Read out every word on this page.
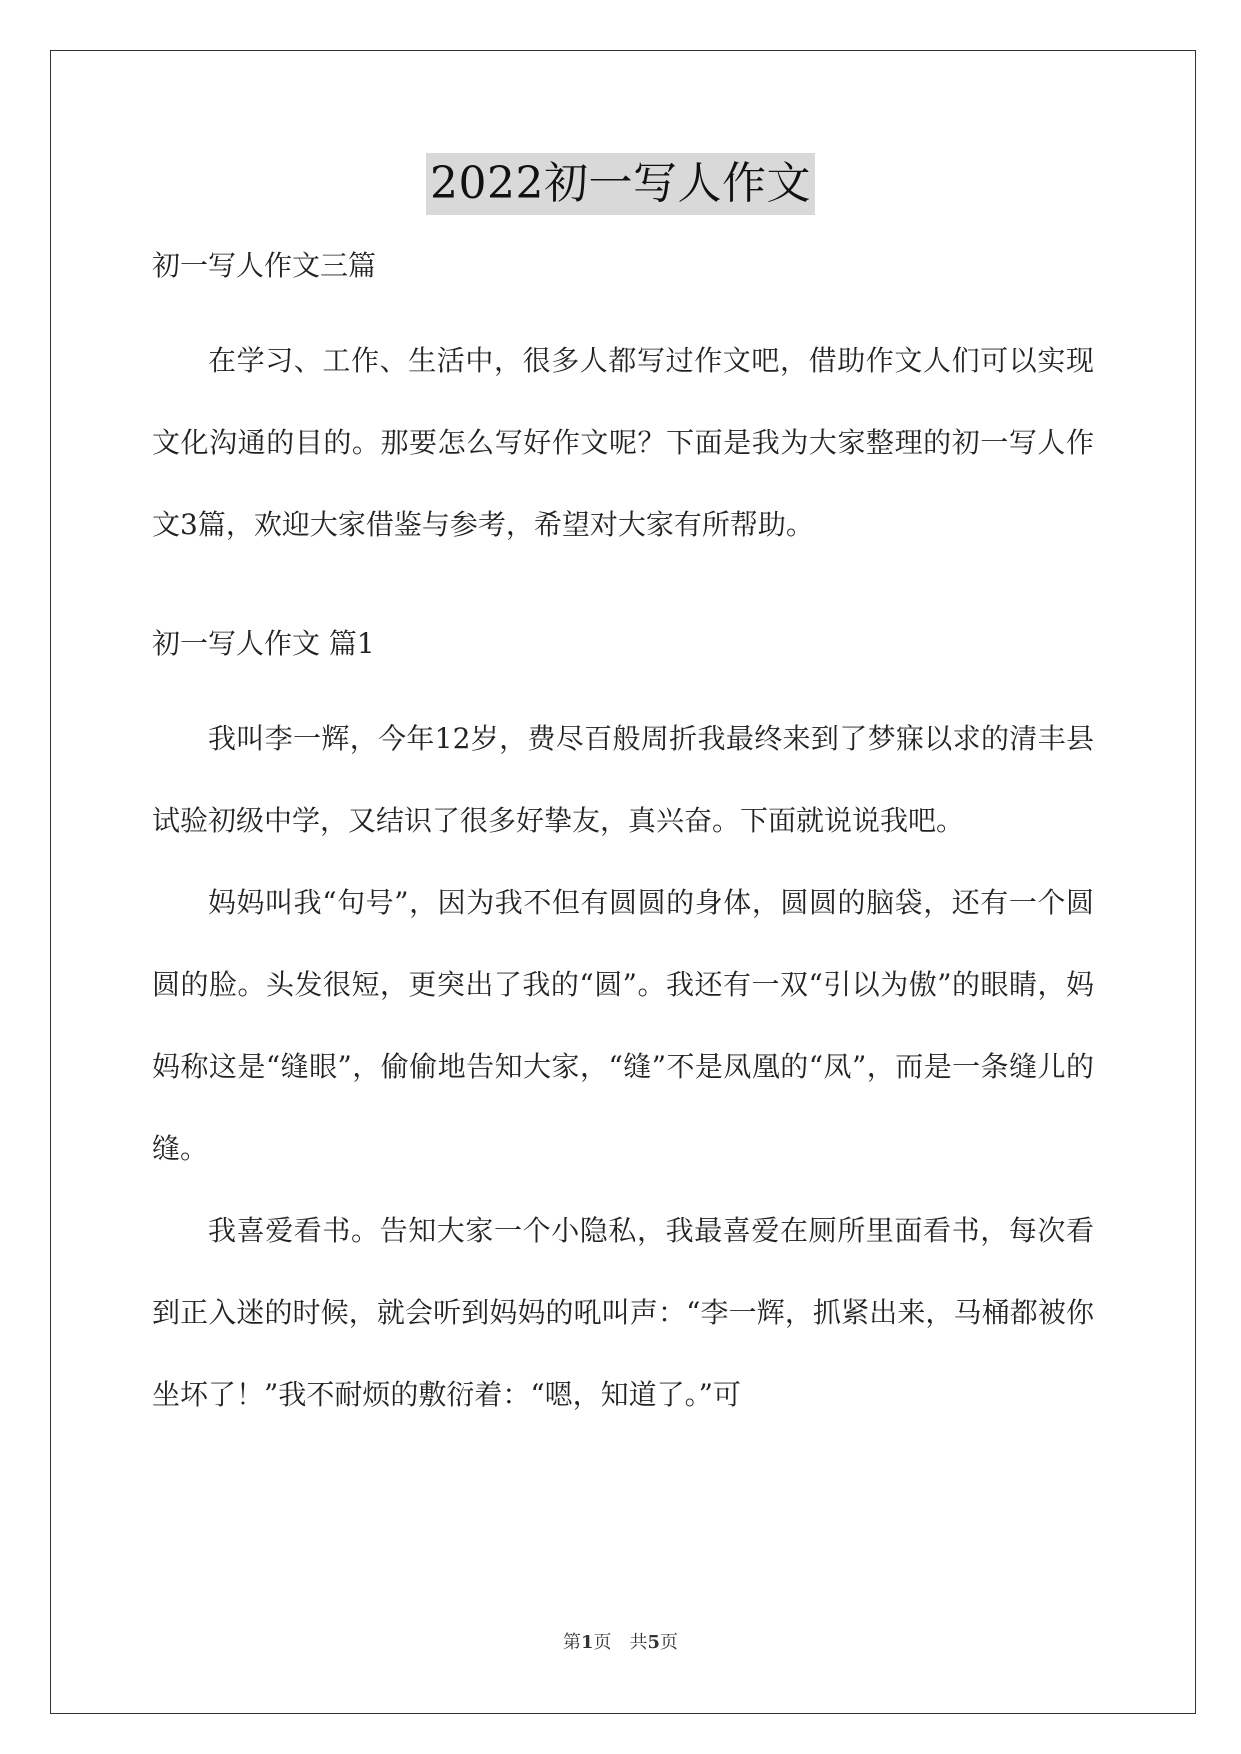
2022初一写人作文

初一写人作文三篇

在学习、工作、生活中，很多人都写过作文吧，借助作文人们可以实现文化沟通的目的。那要怎么写好作文呢？下面是我为大家整理的初一写人作文3篇，欢迎大家借鉴与参考，希望对大家有所帮助。

初一写人作文 篇1

我叫李一辉，今年12岁，费尽百般周折我最终来到了梦寐以求的清丰县试验初级中学，又结识了很多好挚友，真兴奋。下面就说说我吧。

妈妈叫我“句号”，因为我不但有圆圆的身体，圆圆的脑袋，还有一个圆圆的脸。头发很短，更突出了我的“圆”。我还有一双“引以为傲”的眼睛，妈妈称这是“缝眼”，偷偷地告知大家，“缝”不是凤凰的“凤”，而是一条缝儿的缝。

我喜爱看书。告知大家一个小隐私，我最喜爱在厕所里面看书，每次看到正入迷的时候，就会听到妈妈的吼叫声：“李一辉，抓紧出来，马桶都被你坐坏了！”我不耐烦的敷衍着：“嗯，知道了。”可

第1页　共5页
